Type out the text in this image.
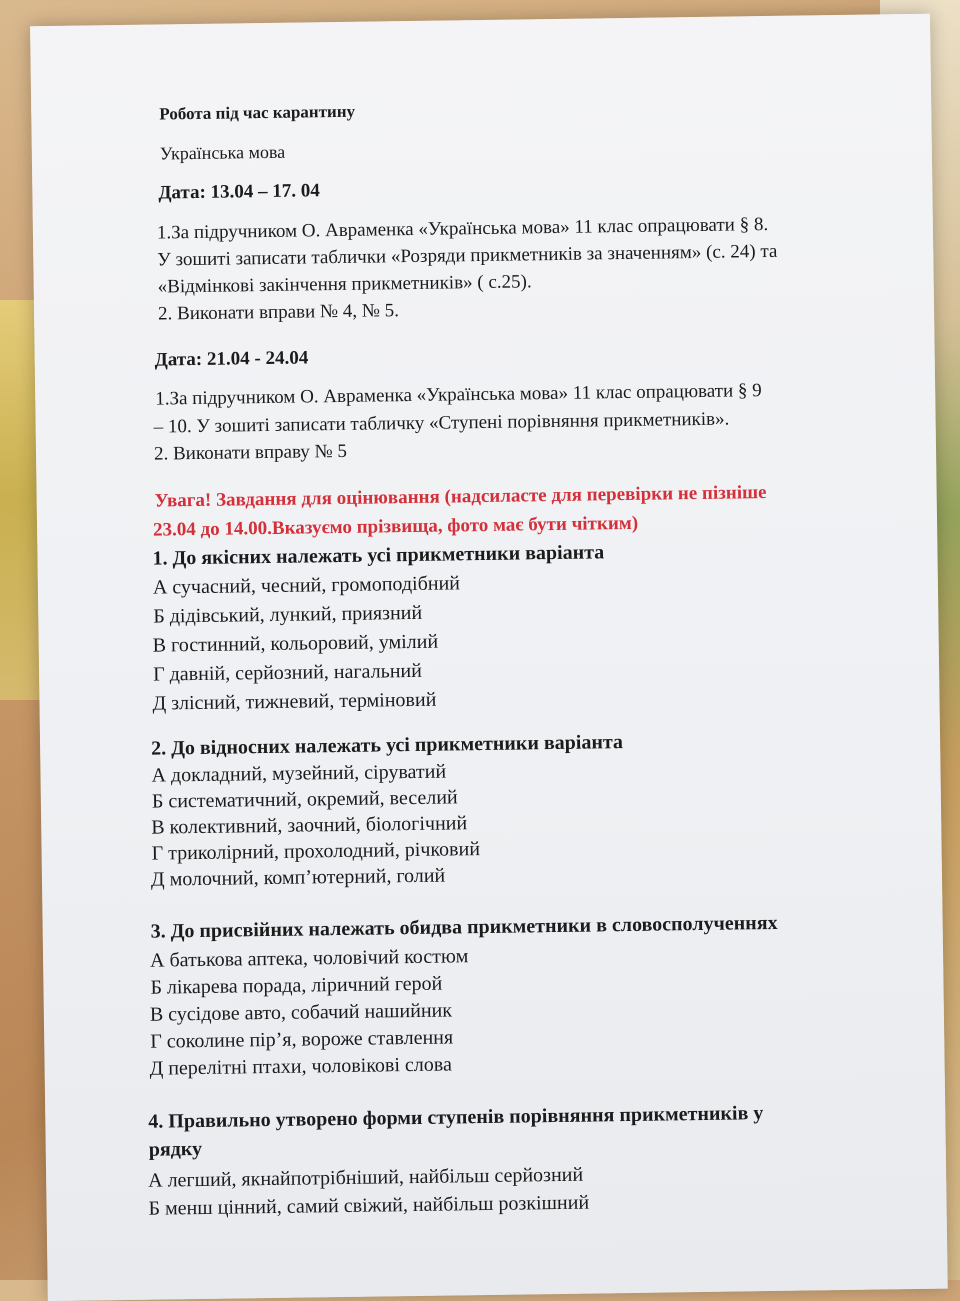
Робота під час карантину
Українська мова
Дата: 13.04 – 17. 04
1.За підручником О. Авраменка «Українська мова» 11 клас опрацювати § 8.
У зошиті записати таблички «Розряди прикметників за значенням» (с. 24) та
«Відмінкові закінчення прикметників» ( с.25).
2. Виконати вправи № 4, № 5.
Дата: 21.04 - 24.04
1.За підручником О. Авраменка «Українська мова» 11 клас опрацювати § 9
– 10. У зошиті записати табличку «Ступені порівняння прикметників».
2. Виконати вправу № 5
Увага! Завдання для оцінювання (надсиласте для перевірки не пізніше
23.04 до 14.00.Вказуємо прізвища, фото має бути чітким)
1. До якісних належать усі прикметники варіанта
А сучасний, чесний, громоподібний
Б дідівський, лункий, приязний
В гостинний, кольоровий, умілий
Г давній, серйозний, нагальний
Д злісний, тижневий, терміновий
2. До відносних належать усі прикметники варіанта
А докладний, музейний, сіруватий
Б систематичний, окремий, веселий
В колективний, заочний, біологічний
Г триколірний, прохолодний, річковий
Д молочний, комп’ютерний, голий
3. До присвійних належать обидва прикметники в словосполученнях
А батькова аптека, чоловічий костюм
Б лікарева порада, ліричний герой
В сусідове авто, собачий нашийник
Г соколине пір’я, вороже ставлення
Д перелітні птахи, чоловікові слова
4. Правильно утворено форми ступенів порівняння прикметників у
рядку
А легший, якнайпотрібніший, найбільш серйозний
Б менш цінний, самий свіжий, найбільш розкішний
